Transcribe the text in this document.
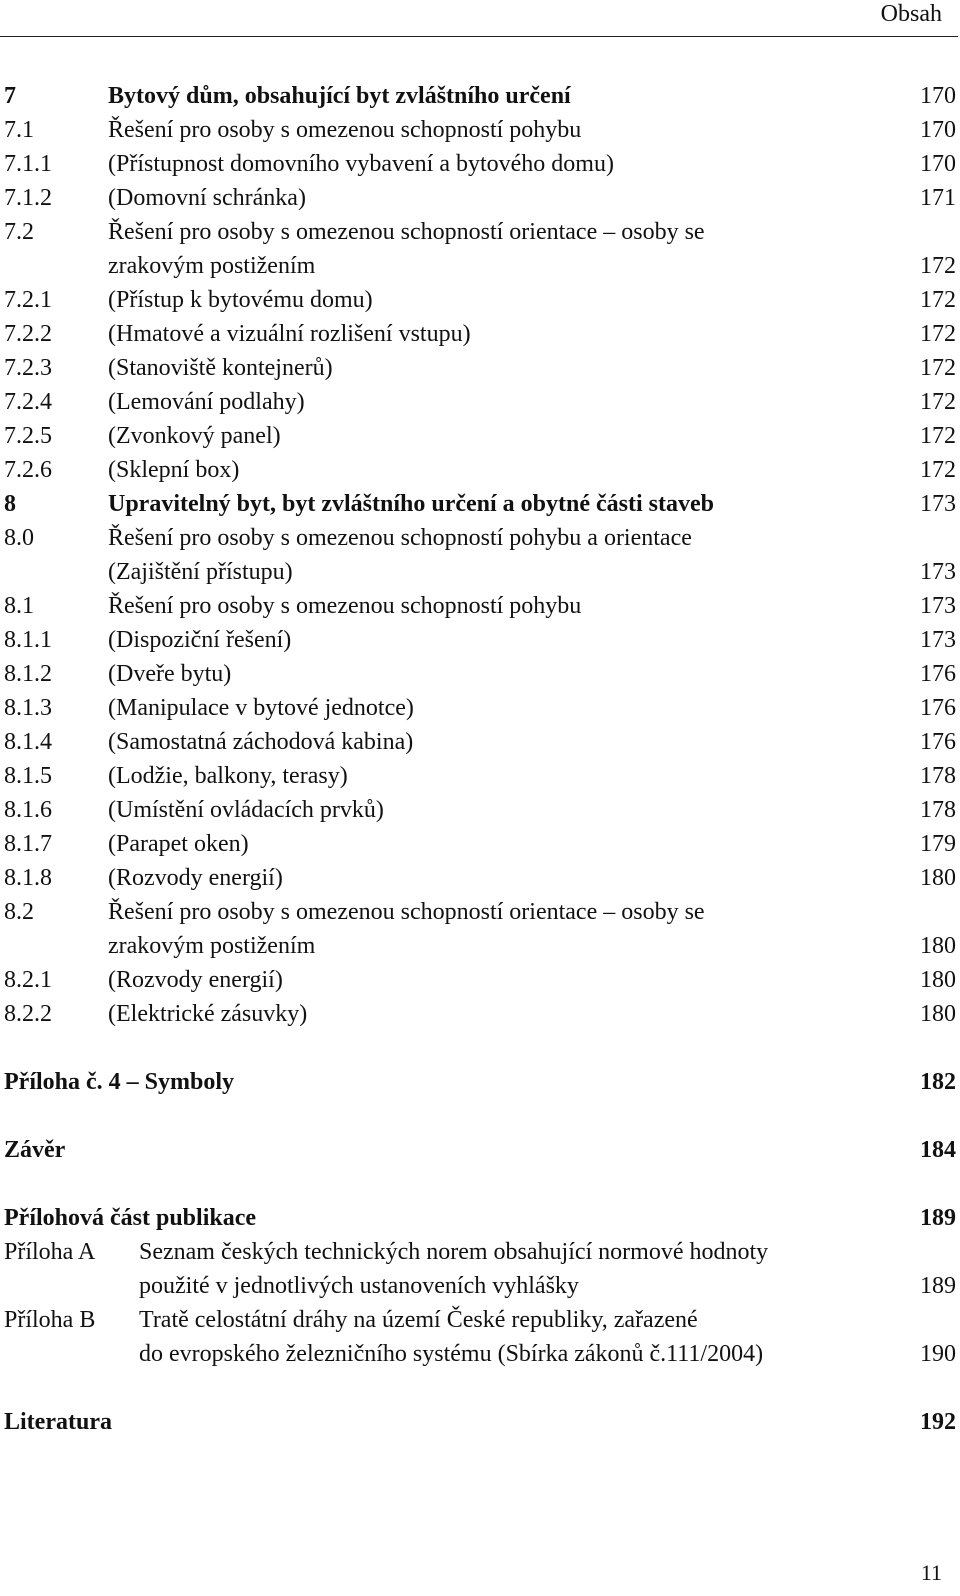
Obsah
7	Bytový dům, obsahující byt zvláštního určení	170
7.1	Řešení pro osoby s omezenou schopností pohybu	170
7.1.1 (Přístupnost domovního vybavení a bytového domu)	170
7.1.2 (Domovní schránka)	171
7.2	Řešení pro osoby s omezenou schopností orientace – osoby se
zrakovým postižením	172
7.2.1 (Přístup k bytovému domu)	172
7.2.2 (Hmatové a vizuální rozlišení vstupu)	172
7.2.3 (Stanoviště kontejnerů)	172
7.2.4 (Lemování podlahy)	172
7.2.5 (Zvonkový panel)	172
7.2.6 (Sklepní box)	172
8	Upravitelný byt, byt zvláštního určení a obytné části staveb	173
8.0	Řešení pro osoby s omezenou schopností pohybu a orientace
(Zajištění přístupu)	173
8.1	Řešení pro osoby s omezenou schopností pohybu	173
8.1.1 (Dispoziční řešení)	173
8.1.2 (Dveře bytu)	176
8.1.3 (Manipulace v bytové jednotce)	176
8.1.4 (Samostatná záchodová kabina)	176
8.1.5 (Lodžie, balkony, terasy)	178
8.1.6 (Umístění ovládacích prvků)	178
8.1.7 (Parapet oken)	179
8.1.8 (Rozvody energií)	180
8.2	Řešení pro osoby s omezenou schopností orientace – osoby se
zrakovým postižením	180
8.2.1 (Rozvody energií)	180
8.2.2 (Elektrické zásuvky)	180
Příloha č. 4 – Symboly	182
Závěr	184
Přílohová část publikace	189
Příloha A Seznam českých technických norem obsahující normové hodnoty
použité v jednotlivých ustanoveních vyhlášky	189
Příloha B Tratě celostátní dráhy na území České republiky, zařazené
do evropského železničního systému (Sbírka zákonů č.111/2004)	190
Literatura	192
11
